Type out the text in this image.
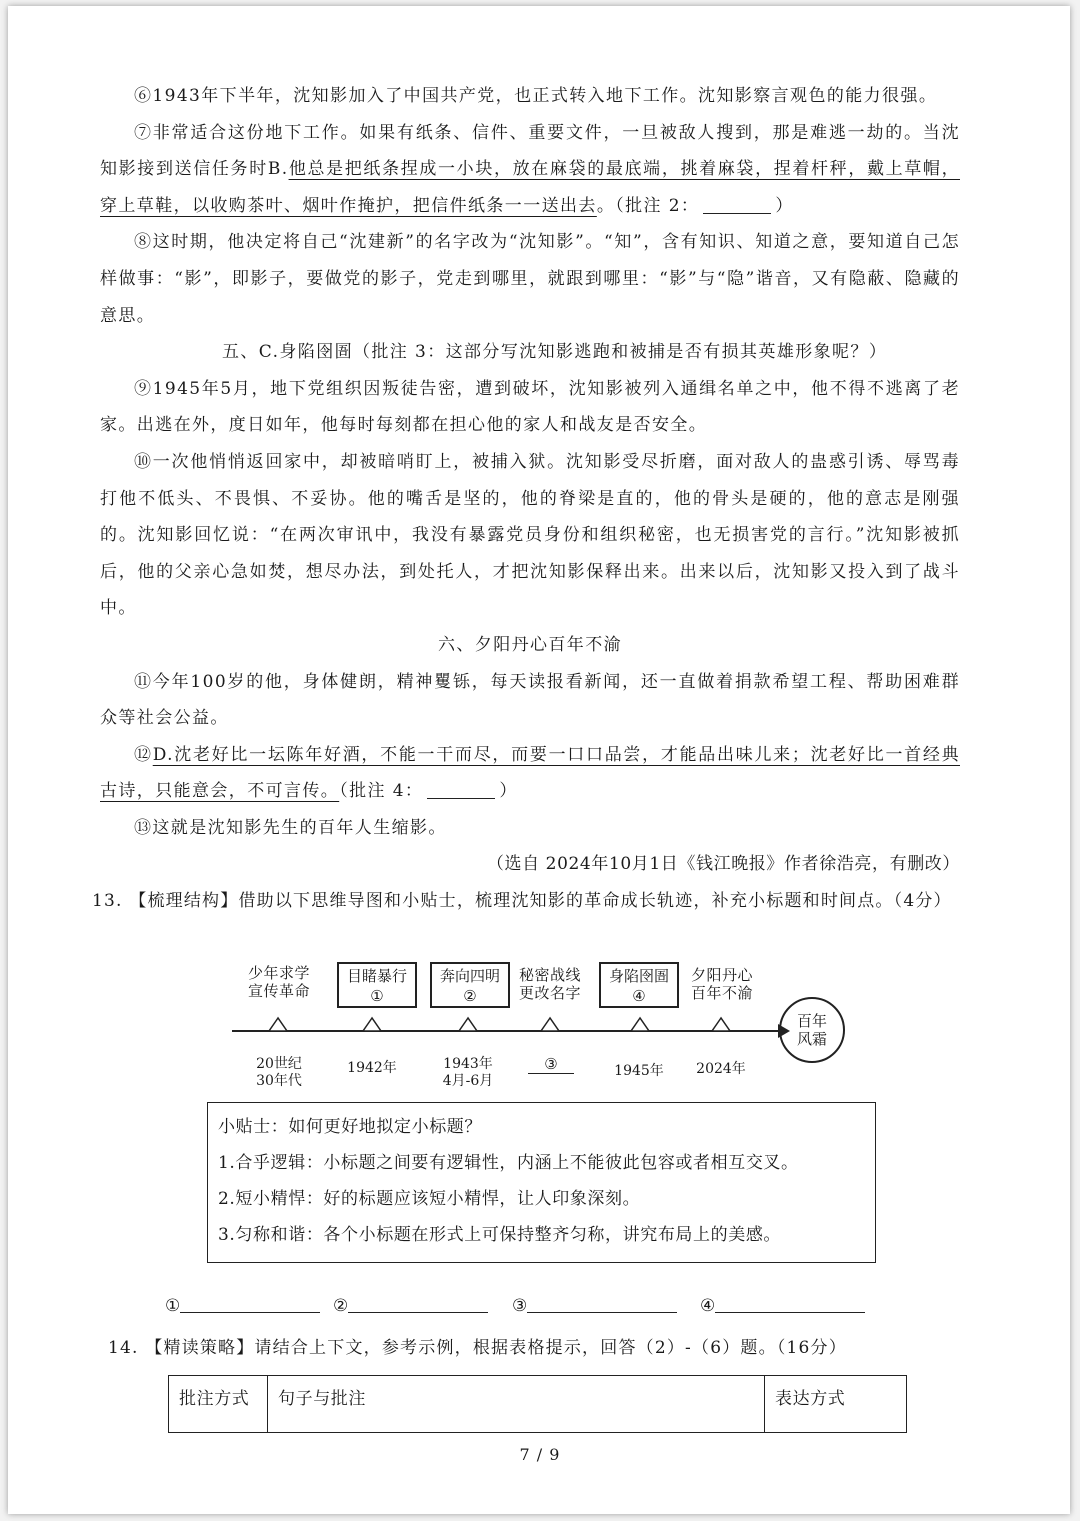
⑥1943年下半年，沈知影加入了中国共产党，也正式转入地下工作。沈知影察言观色的能力很强。

⑦非常适合这份地下工作。如果有纸条、信件、重要文件，一旦被敌人搜到，那是难逃一劫的。当沈知影接到送信任务时B.他总是把纸条捏成一小块，放在麻袋的最底端，挑着麻袋，捏着杆秤，戴上草帽，穿上草鞋，以收购茶叶、烟叶作掩护，把信件纸条一一送出去。（批注 2：	）

⑧这时期，他决定将自己“沈建新”的名字改为“沈知影”。“知”，含有知识、知道之意，要知道自己怎样做事：“影”，即影子，要做党的影子，党走到哪里，就跟到哪里：“影”与“隐”谐音，又有隐蔽、隐藏的意思。

五、C.身陷囹圄（批注 3：这部分写沈知影逃跑和被捕是否有损其英雄形象呢？）

⑨1945年5月，地下党组织因叛徒告密，遭到破坏，沈知影被列入通缉名单之中，他不得不逃离了老家。出逃在外，度日如年，他每时每刻都在担心他的家人和战友是否安全。

⑩一次他悄悄返回家中，却被暗哨盯上，被捕入狱。沈知影受尽折磨，面对敌人的蛊惑引诱、辱骂毒打他不低头、不畏惧、不妥协。他的嘴舌是坚的，他的脊梁是直的，他的骨头是硬的，他的意志是刚强的。沈知影回忆说：“在两次审讯中，我没有暴露党员身份和组织秘密，也无损害党的言行。”沈知影被抓后，他的父亲心急如焚，想尽办法，到处托人，才把沈知影保释出来。出来以后，沈知影又投入到了战斗中。

六、夕阳丹心百年不渝

⑪今年100岁的他，身体健朗，精神矍铄，每天读报看新闻，还一直做着捐款希望工程、帮助困难群众等社会公益。

⑫D.沈老好比一坛陈年好酒，不能一干而尽，而要一口口品尝，才能品出味儿来；沈老好比一首经典古诗，只能意会，不可言传。（批注 4：	）

⑬这就是沈知影先生的百年人生缩影。

（选自 2024年10月1日《钱江晚报》作者徐浩亮，有删改）

13. 【梳理结构】借助以下思维导图和小贴士，梳理沈知影的革命成长轨迹，补充小标题和时间点。（4分）

少年求学
宣传革命
目睹暴行
①
奔向四明
②
秘密战线
更改名字
身陷囹圄
④
夕阳丹心
百年不渝
百年
风霜
20世纪
30年代
1942年	1943年
4月-6月
③	1945年	2024年

小贴士：如何更好地拟定小标题？

1.合乎逻辑：小标题之间要有逻辑性，内涵上不能彼此包容或者相互交叉。

2.短小精悍：好的标题应该短小精悍，让人印象深刻。

3.匀称和谐：各个小标题在形式上可保持整齐匀称，讲究布局上的美感。

①	②	③	④

14. 【精读策略】请结合上下文，参考示例，根据表格提示，回答（2）-（6）题。（16分）

批注方式	句子与批注	表达方式
7 / 9
